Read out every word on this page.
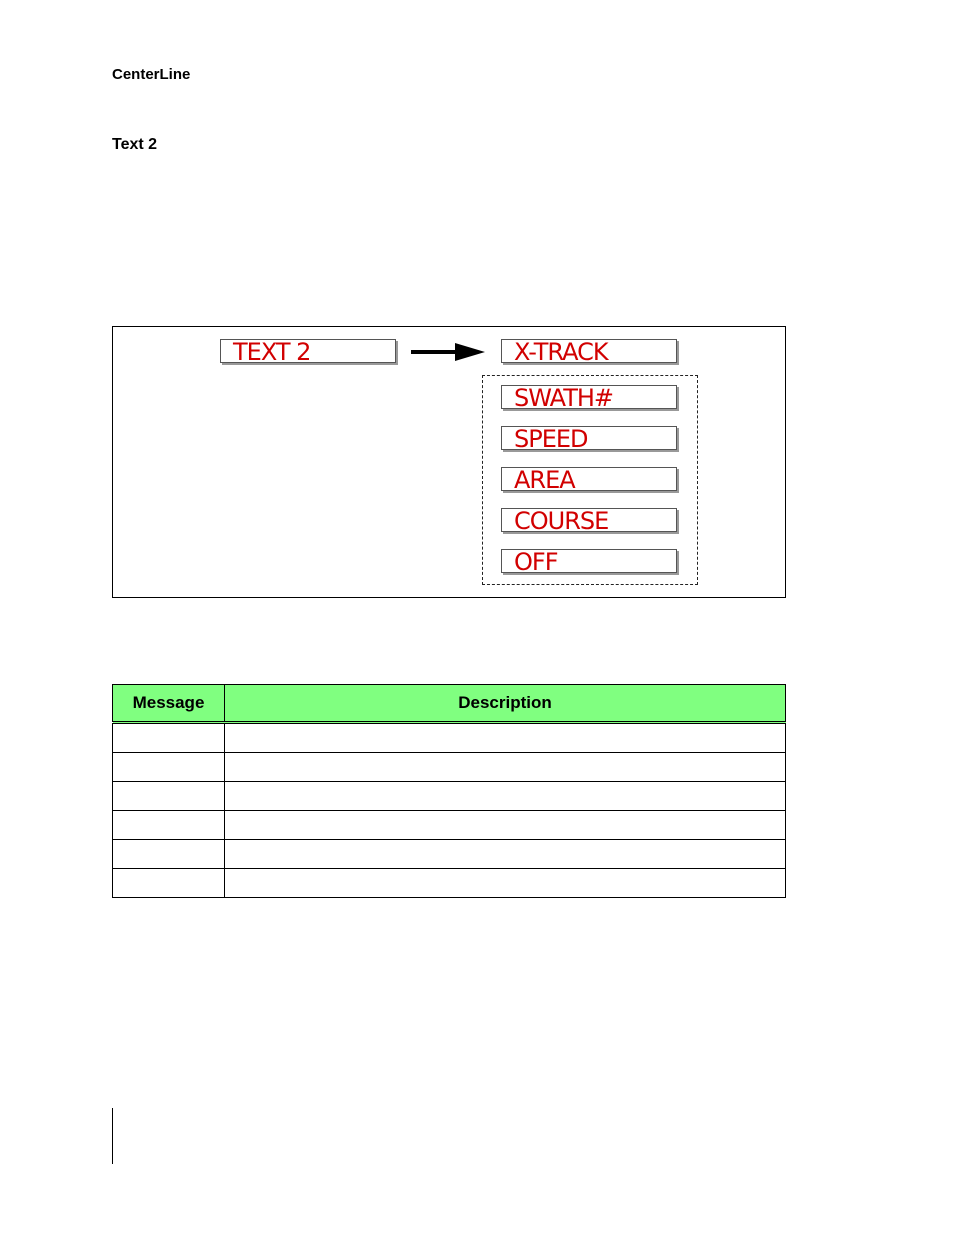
CenterLine
Text 2
TEXT 2	X-TRACK
SWATH#
SPEED
AREA
COURSE
OFF
Message	Description
